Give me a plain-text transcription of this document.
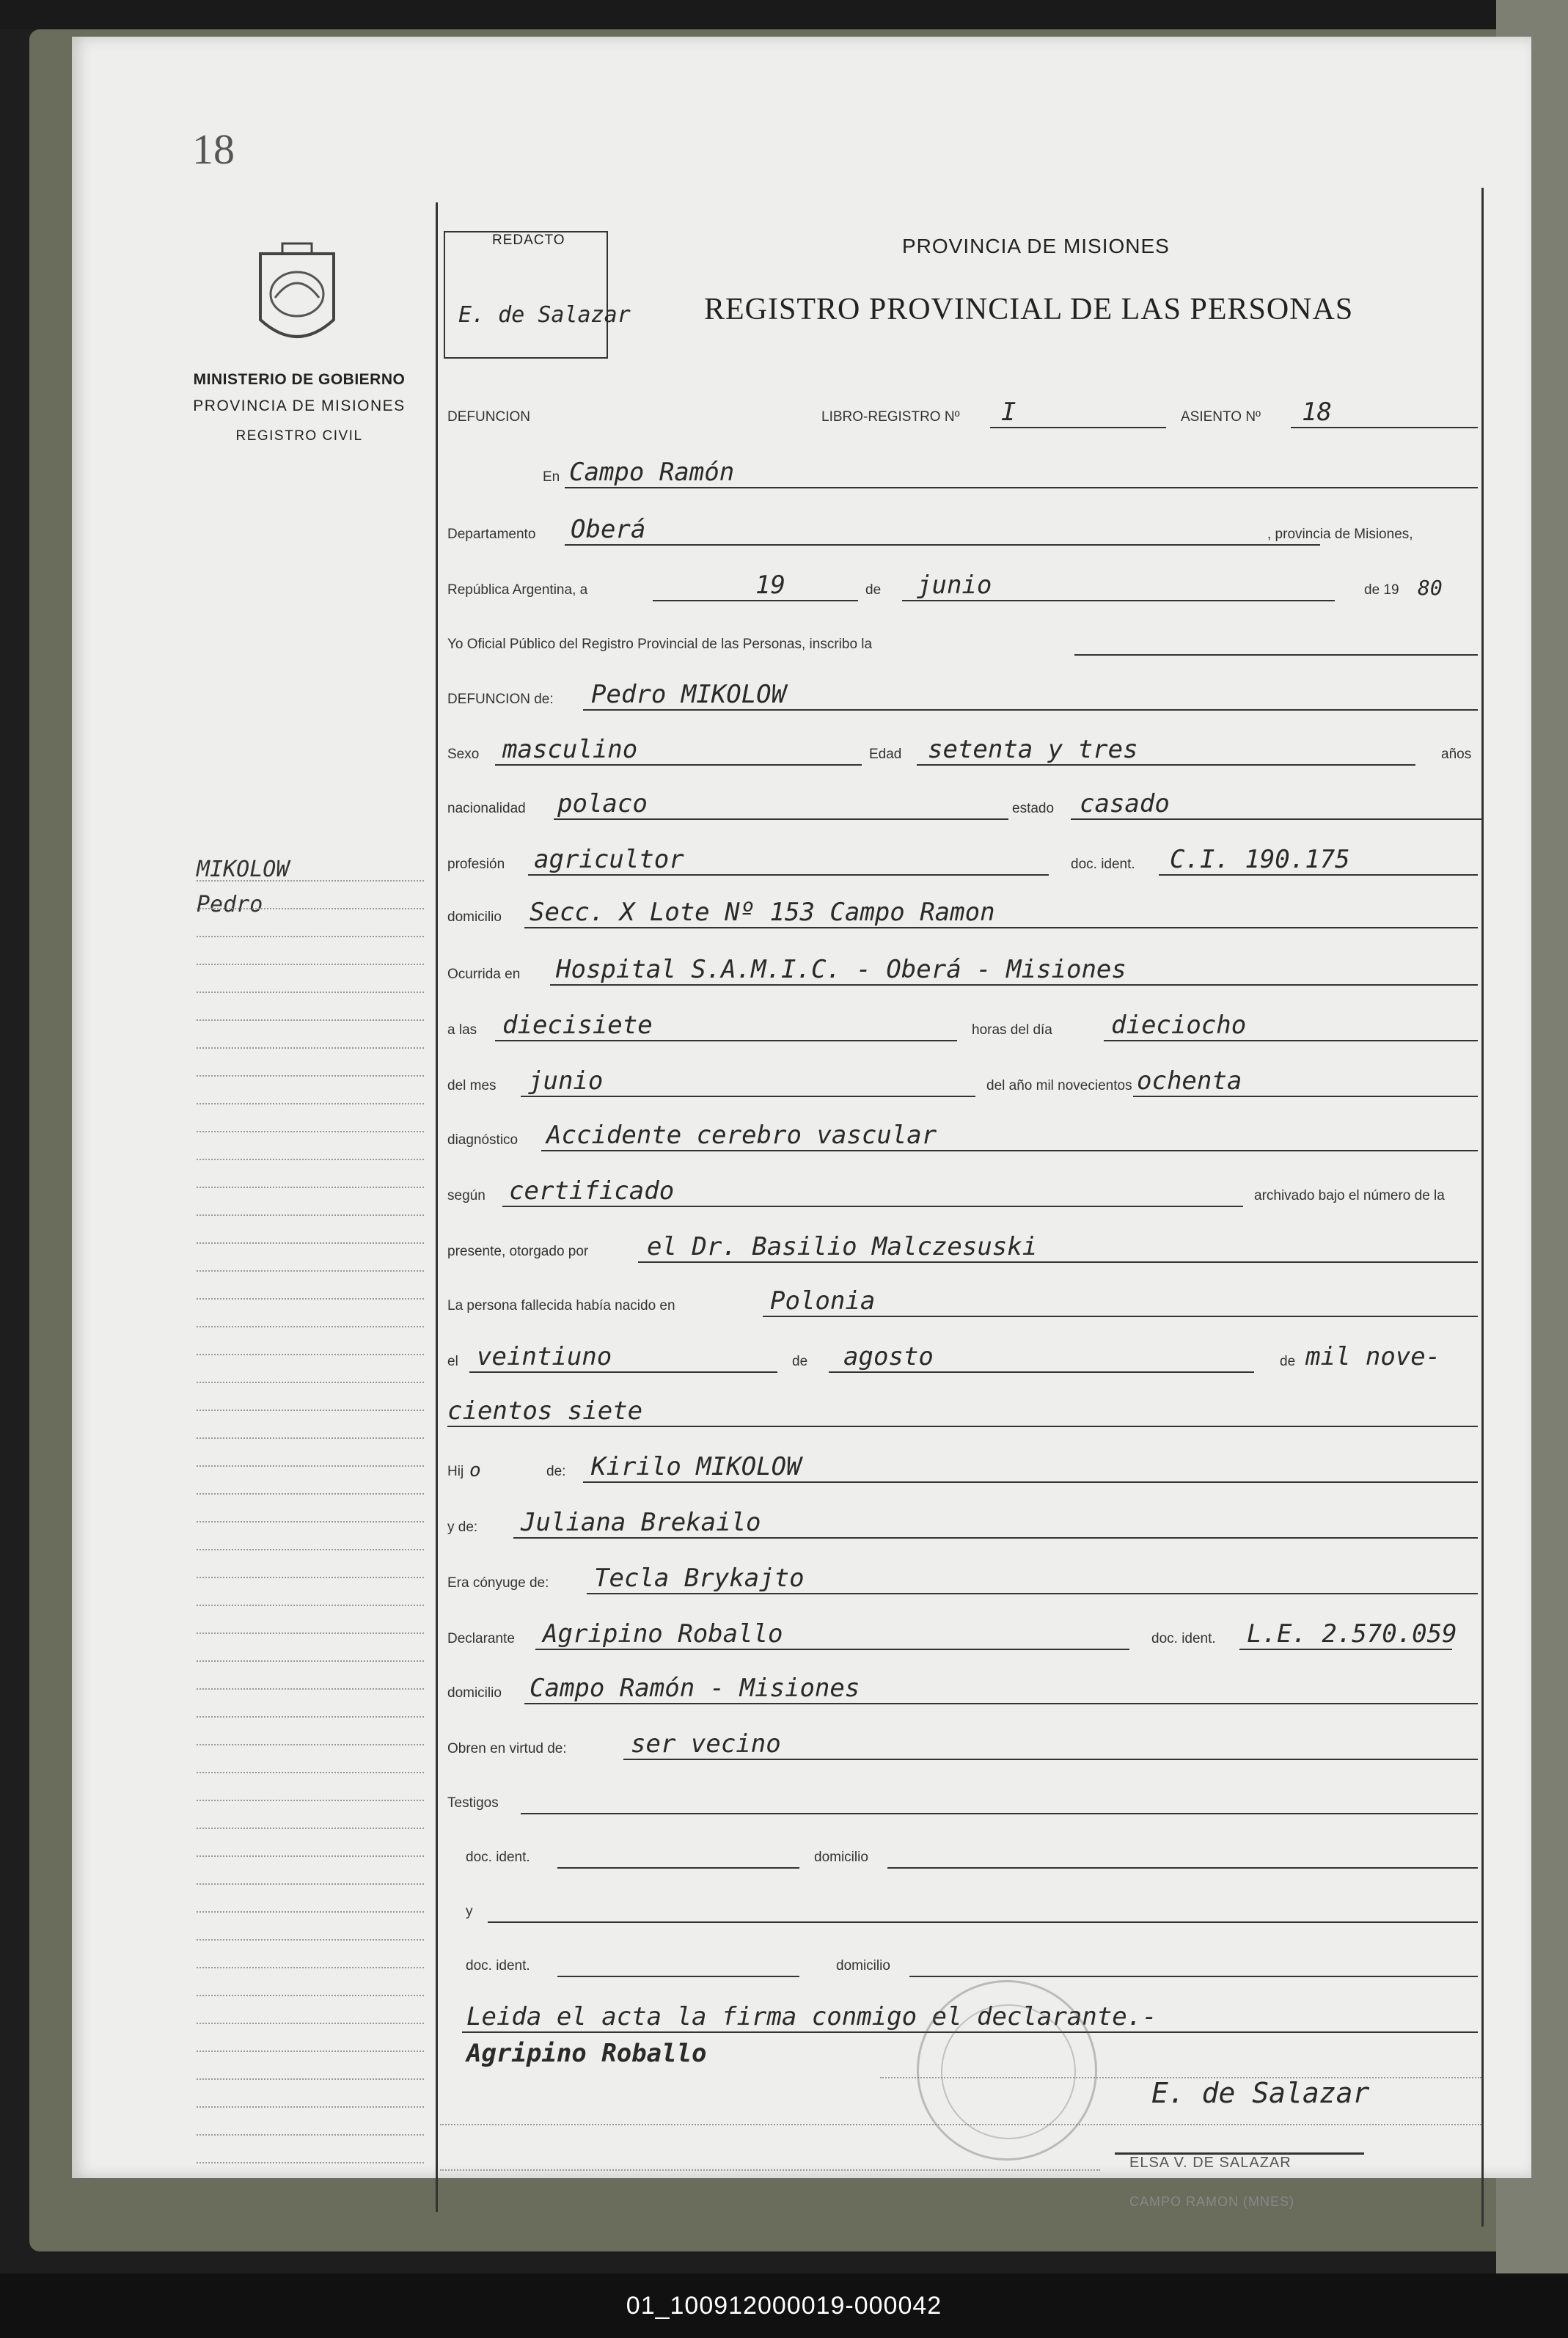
18
MINISTERIO DE GOBIERNO
PROVINCIA DE MISIONES
REGISTRO CIVIL
REDACTO
E. de Salazar
PROVINCIA DE MISIONES
REGISTRO PROVINCIAL DE LAS PERSONAS
DEFUNCION	LIBRO-REGISTRO Nº I	ASIENTO Nº 18
En Campo Ramón
Departamento Oberá	, provincia de Misiones,
República Argentina, a	19	de junio	de 19 80
Yo Oficial Público del Registro Provincial de las Personas, inscribo la
DEFUNCION de: Pedro MIKOLOW
Sexo masculino	Edad setenta y tres	años
nacionalidad polaco	estado casado
profesión agricultor	doc. ident. C.I. 190.175
domicilio Secc. X Lote Nº 153 Campo Ramon
Ocurrida en Hospital S.A.M.I.C. - Oberá - Misiones
a las diecisiete	horas del día dieciocho
del mes junio	del año mil novecientos ochenta
diagnóstico Accidente cerebro vascular
según certificado	archivado bajo el número de la
presente, otorgado por el Dr. Basilio Malczesuski
La persona fallecida había nacido en	Polonia
el veintiuno	de agosto	de mil nove-
cientos siete
Hij o	de: Kirilo MIKOLOW
y de: Juliana Brekailo
Era cónyuge de: Tecla Brykajto
Declarante Agripino Roballo	doc. ident. L.E. 2.570.059
domicilio Campo Ramón - Misiones
Obren en virtud de:	ser vecino
Testigos
doc. ident.	domicilio
y
doc. ident.	domicilio
Leida el acta la firma conmigo el declarante.-
Agripino Roballo
E. de Salazar
ELSA V. DE SALAZAR
CAMPO RAMON (MNES)
MIKOLOW
Pedro
01_100912000019-000042
